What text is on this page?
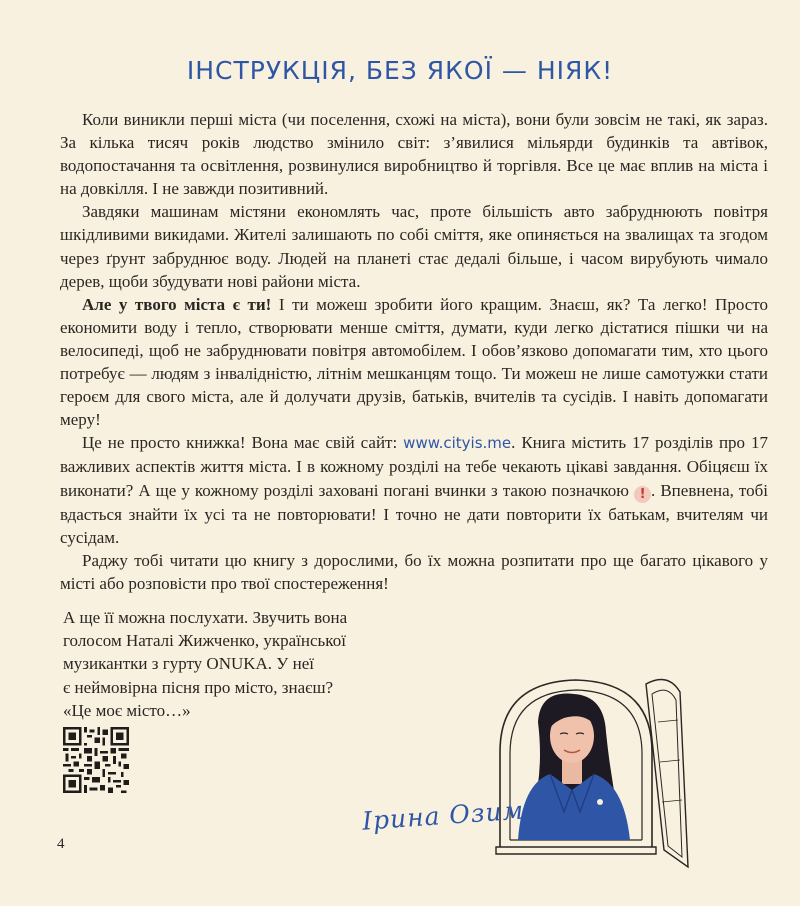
ІНСТРУКЦІЯ, БЕЗ ЯКОЇ — НІЯК!

Коли виникли перші міста (чи поселення, схожі на міста), вони були зовсім не такі, як зараз. За кілька тисяч років людство змінило світ: з’явилися мільярди будинків та автівок, водопостачання та освітлення, розвинулися виробництво й торгівля. Все це має вплив на міста і на довкілля. І не завжди позитивний.

Завдяки машинам містяни економлять час, проте більшість авто забруднюють повітря шкідливими викидами. Жителі залишають по собі сміття, яке опиняється на звалищах та згодом через ґрунт забруднює воду. Людей на планеті стає дедалі більше, і часом вирубують чимало дерев, щоби збудувати нові райони міста.

Але у твого міста є ти! І ти можеш зробити його кращим. Знаєш, як? Та легко! Просто економити воду і тепло, створювати менше сміття, думати, куди легко дістатися пішки чи на велосипеді, щоб не забруднювати повітря автомобілем. І обов’язково допомагати тим, хто цього потребує — людям з інвалідністю, літнім мешканцям тощо. Ти можеш не лише самотужки стати героєм для свого міста, але й долучати друзів, батьків, вчителів та сусідів. І навіть допомагати меру!

Це не просто книжка! Вона має свій сайт: www.cityis.me. Книга містить 17 розділів про 17 важливих аспектів життя міста. І в кожному розділі на тебе чекають цікаві завдання. Обіцяєш їх виконати? А ще у кожному розділі заховані погані вчинки з такою позначкою ! . Впевнена, тобі вдасться знайти їх усі та не повторювати! І точно не дати повторити їх батькам, вчителям чи сусідам.

Раджу тобі читати цю книгу з дорослими, бо їх можна розпитати про ще багато цікавого у місті або розповісти про твої спостереження!

А ще її можна послухати. Звучить вона

голосом Наталі Жижченко, української

музикантки з гурту ONUKA. У неї

є неймовірна пісня про місто, знаєш?

«Це моє місто…»

Ірина Озимок
4
